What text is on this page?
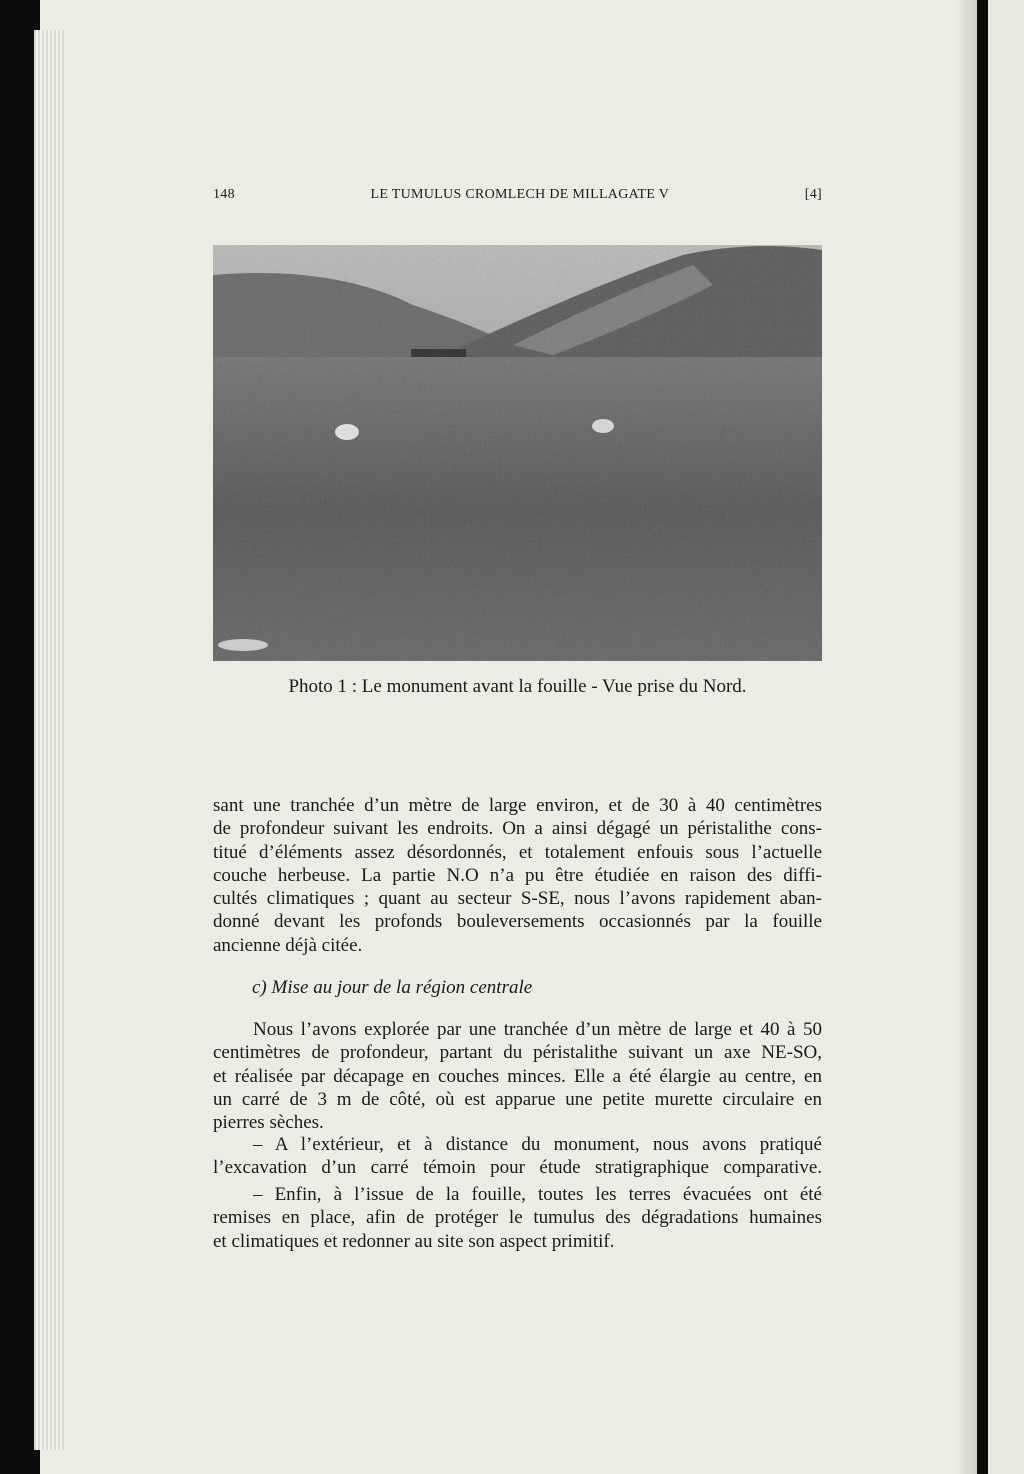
148	LE TUMULUS CROMLECH DE MILLAGATE V	[4]
Photo 1 : Le monument avant la fouille - Vue prise du Nord.
sant une tranchée d’un mètre de large environ, et de 30 à 40 centimètres
de profondeur suivant les endroits. On a ainsi dégagé un péristalithe cons-
titué d’éléments assez désordonnés, et totalement enfouis sous l’actuelle
couche herbeuse. La partie N.O n’a pu être étudiée en raison des diffi-
cultés climatiques ; quant au secteur S-SE, nous l’avons rapidement aban-
donné devant les profonds bouleversements occasionnés par la fouille
ancienne déjà citée.
c) Mise au jour de la région centrale
Nous l’avons explorée par une tranchée d’un mètre de large et 40 à 50
centimètres de profondeur, partant du péristalithe suivant un axe NE-SO,
et réalisée par décapage en couches minces. Elle a été élargie au centre, en
un carré de 3 m de côté, où est apparue une petite murette circulaire en
pierres sèches.
– A l’extérieur, et à distance du monument, nous avons pratiqué
l’excavation d’un carré témoin pour étude stratigraphique comparative.
– Enfin, à l’issue de la fouille, toutes les terres évacuées ont été
remises en place, afin de protéger le tumulus des dégradations humaines
et climatiques et redonner au site son aspect primitif.
